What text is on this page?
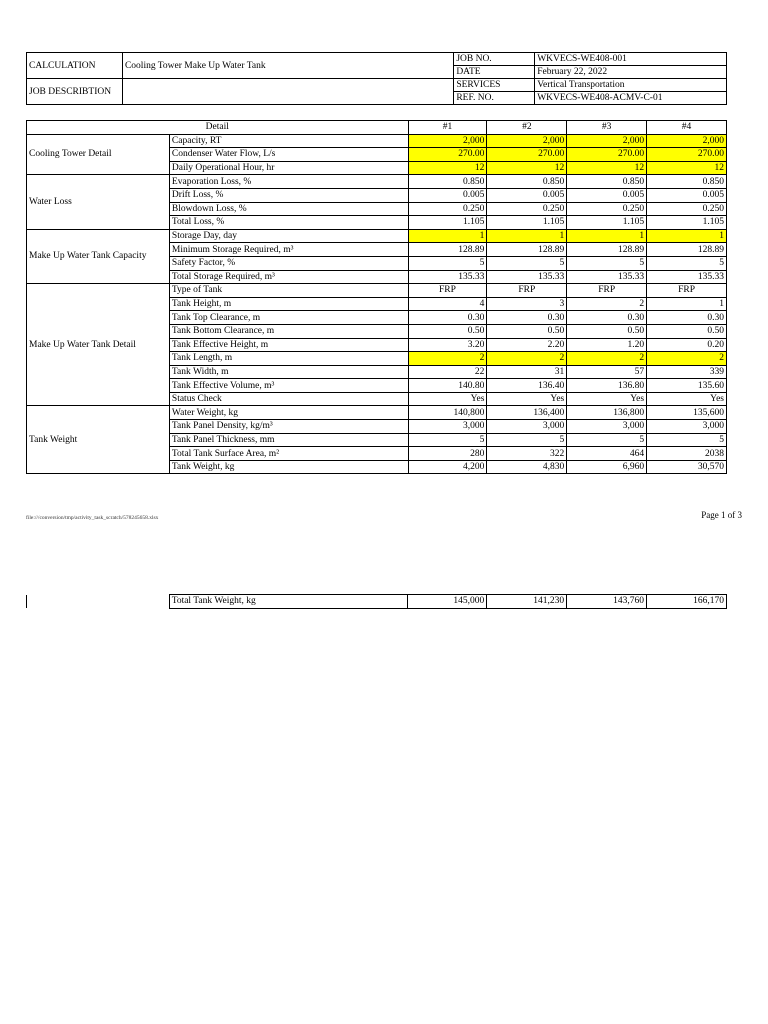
CALCULATION	Cooling Tower Make Up Water Tank	JOB NO.	WKVECS-WE408-001
		DATE	February 22, 2022
JOB DESCRIBTION		SERVICES	Vertical Transportation
		REF. NO.	WKVECS-WE408-ACMV-C-01
Detail		#1	#2	#3	#4
Cooling Tower Detail	Capacity, RT	2,000	2,000	2,000	2,000
	Condenser Water Flow, L/s	270.00	270.00	270.00	270.00
	Daily Operational Hour, hr	12	12	12	12
Water Loss	Evaporation Loss, %	0.850	0.850	0.850	0.850
	Drift Loss, %	0.005	0.005	0.005	0.005
	Blowdown Loss, %	0.250	0.250	0.250	0.250
	Total Loss, %	1.105	1.105	1.105	1.105
Make Up Water Tank Capacity	Storage Day, day	1	1	1	1
	Minimum Storage Required, m³	128.89	128.89	128.89	128.89
	Safety Factor, %	5	5	5	5
	Total Storage Required, m³	135.33	135.33	135.33	135.33
Make Up Water Tank Detail	Type of Tank	FRP	FRP	FRP	FRP
	Tank Height, m	4	3	2	1
	Tank Top Clearance, m	0.30	0.30	0.30	0.30
	Tank Bottom Clearance, m	0.50	0.50	0.50	0.50
	Tank Effective Height, m	3.20	2.20	1.20	0.20
	Tank Length, m	2	2	2	2
	Tank Width, m	22	31	57	339
	Tank Effective Volume, m³	140.80	136.40	136.80	135.60
	Status Check	Yes	Yes	Yes	Yes
Tank Weight	Water Weight, kg	140,800	136,400	136,800	135,600
	Tank Panel Density, kg/m³	3,000	3,000	3,000	3,000
	Tank Panel Thickness, mm	5	5	5	5
	Total Tank Surface Area, m²	280	322	464	2038
	Tank Weight, kg	4,200	4,830	6,960	30,570
file:///conversion/tmp/activity_task_scratch/578245658.xlsx	Page 1 of 3
	Total Tank Weight, kg	145,000	141,230	143,760	166,170
